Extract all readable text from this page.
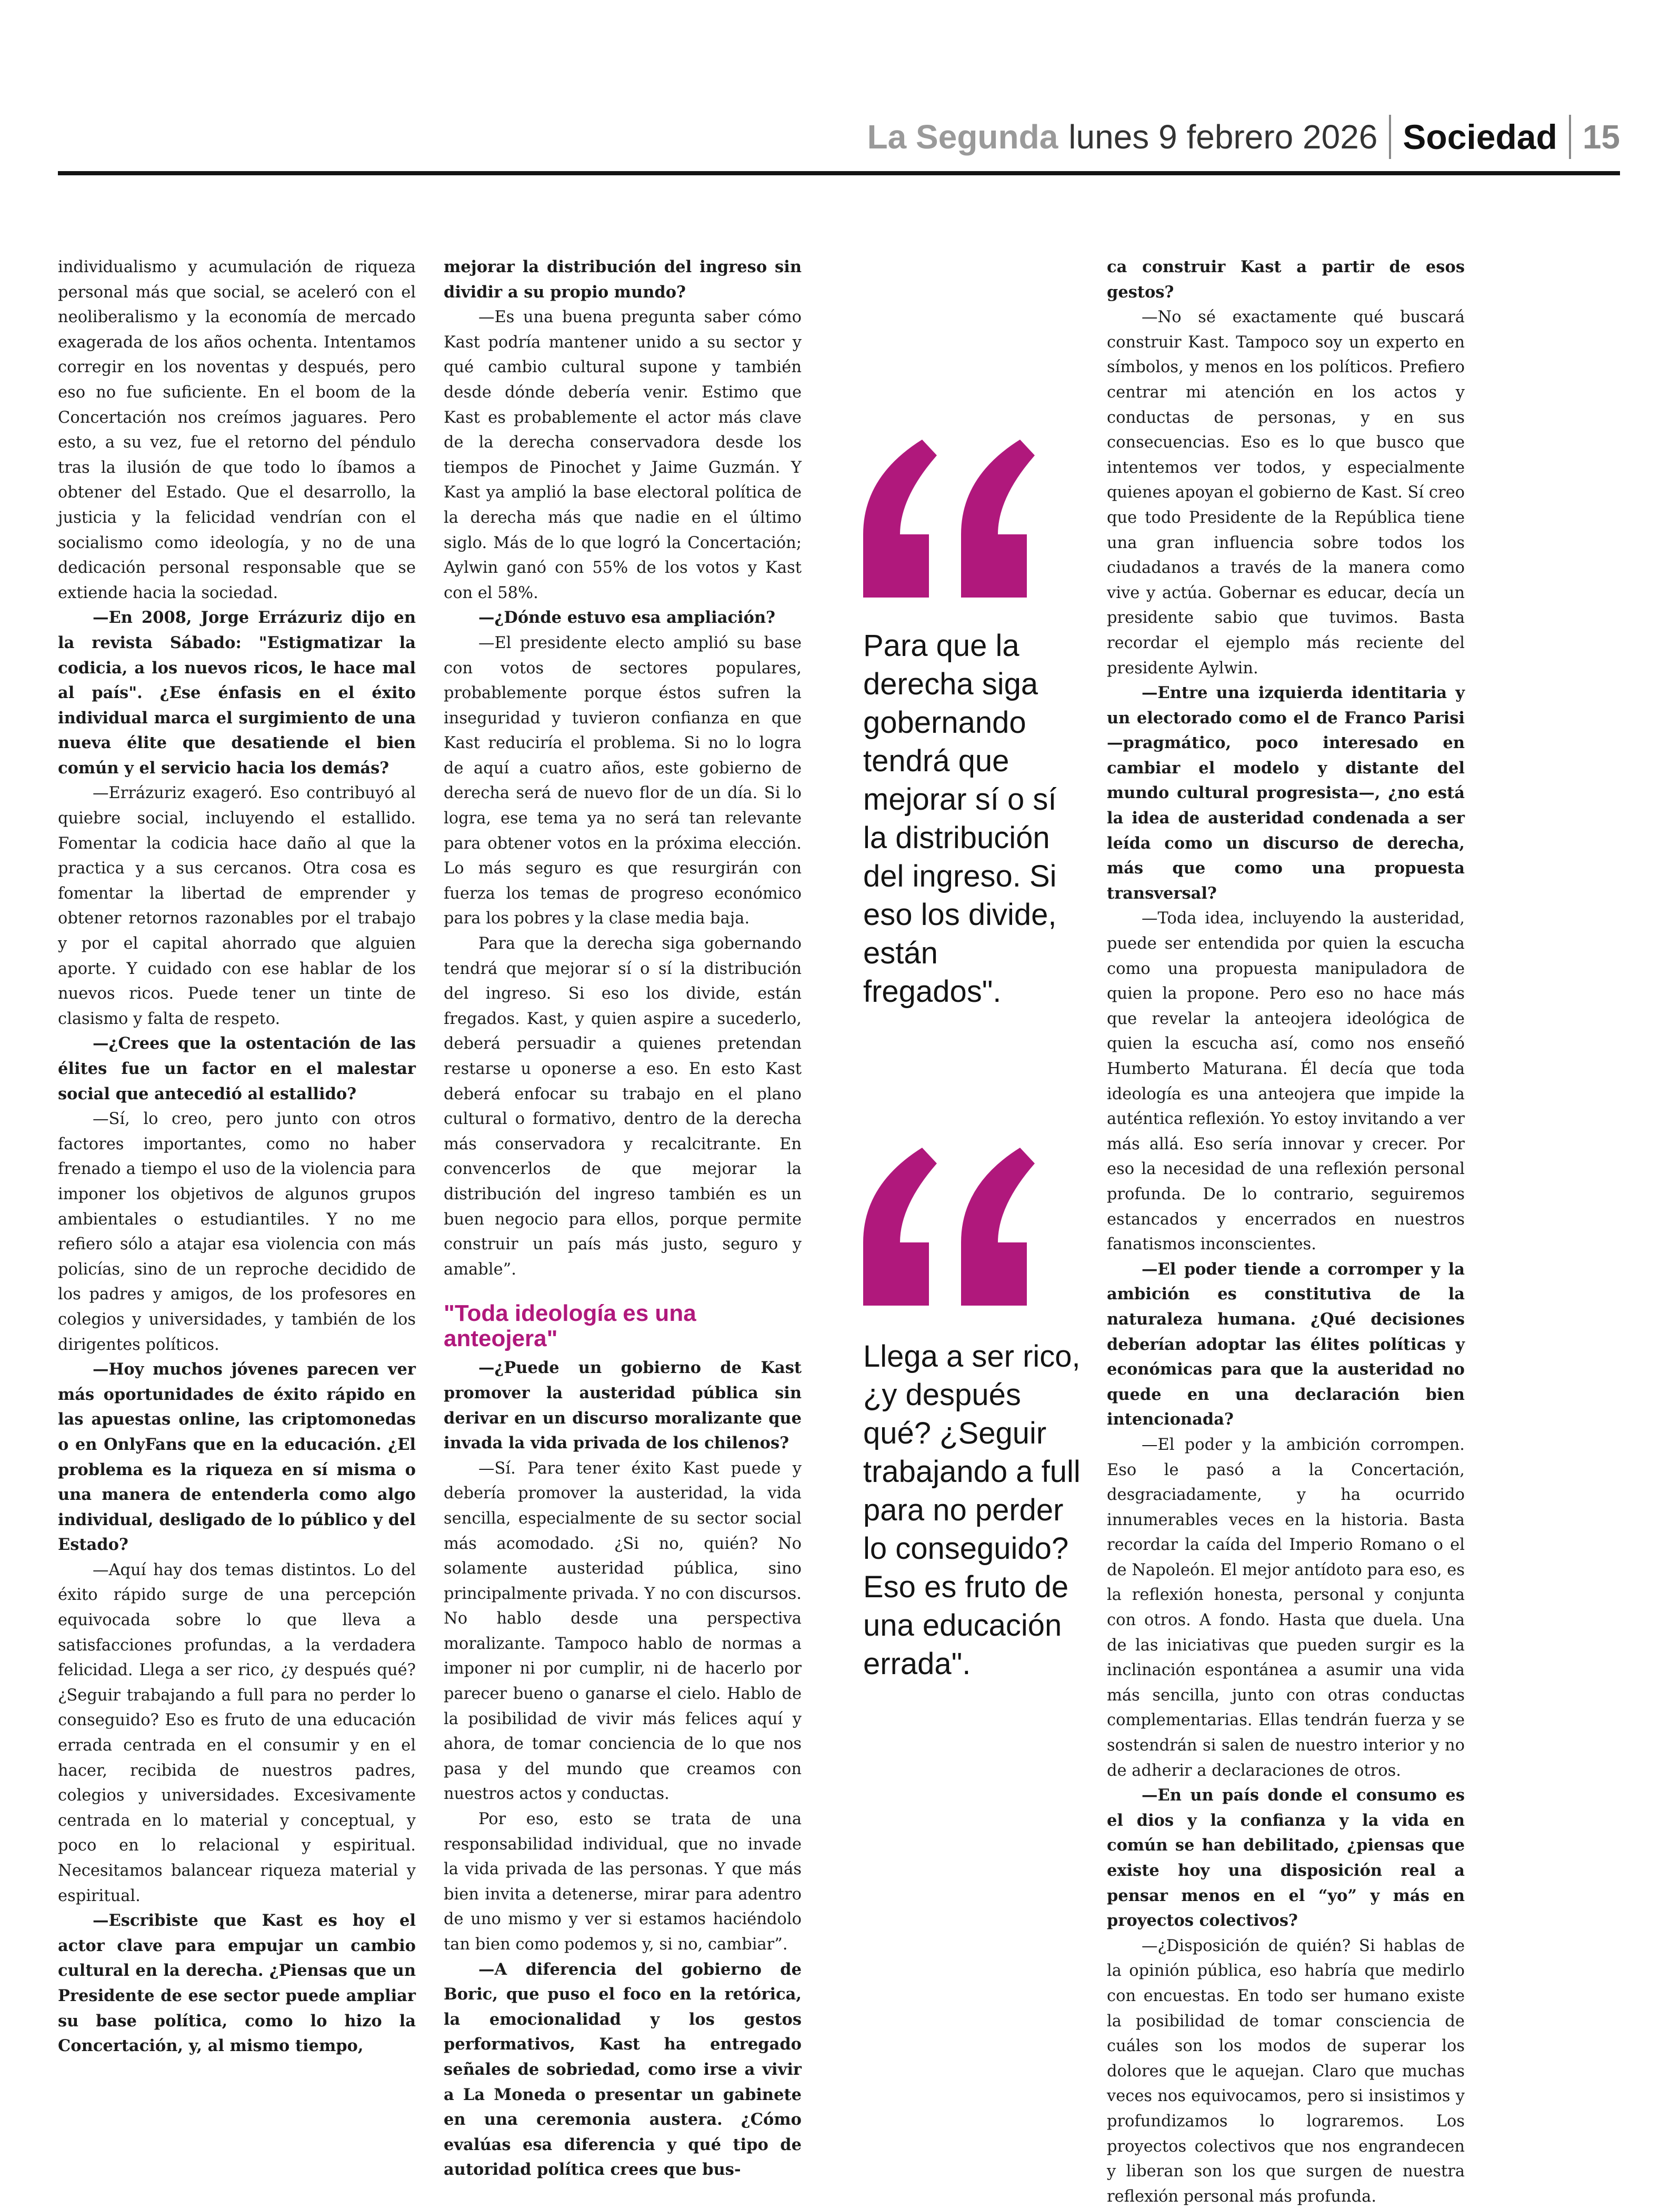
La Segunda lunes 9 febrero 2026 Sociedad 15

individualismo y acumulación de riqueza personal más que social, se aceleró con el neoliberalismo y la economía de mercado exagerada de los años ochenta. Intentamos corregir en los noventas y después, pero eso no fue suficiente. En el boom de la Concertación nos creímos jaguares. Pero esto, a su vez, fue el retorno del péndulo tras la ilusión de que todo lo íbamos a obtener del Estado. Que el desarrollo, la justicia y la felicidad vendrían con el socialismo como ideología, y no de una dedicación personal responsable que se extiende hacia la sociedad.

—En 2008, Jorge Errázuriz dijo en la revista Sábado: "Estigmatizar la codicia, a los nuevos ricos, le hace mal al país". ¿Ese énfasis en el éxito individual marca el surgimiento de una nueva élite que desatiende el bien común y el servicio hacia los demás?

—Errázuriz exageró. Eso contribuyó al quiebre social, incluyendo el estallido. Fomentar la codicia hace daño al que la practica y a sus cercanos. Otra cosa es fomentar la libertad de emprender y obtener retornos razonables por el trabajo y por el capital ahorrado que alguien aporte. Y cuidado con ese hablar de los nuevos ricos. Puede tener un tinte de clasismo y falta de respeto.

—¿Crees que la ostentación de las élites fue un factor en el malestar social que antecedió al estallido?

—Sí, lo creo, pero junto con otros factores importantes, como no haber frenado a tiempo el uso de la violencia para imponer los objetivos de algunos grupos ambientales o estudiantiles. Y no me refiero sólo a atajar esa violencia con más policías, sino de un reproche decidido de los padres y amigos, de los profesores en colegios y universidades, y también de los dirigentes políticos.

—Hoy muchos jóvenes parecen ver más oportunidades de éxito rápido en las apuestas online, las criptomonedas o en OnlyFans que en la educación. ¿El problema es la riqueza en sí misma o una manera de entenderla como algo individual, desligado de lo público y del Estado?

—Aquí hay dos temas distintos. Lo del éxito rápido surge de una percepción equivocada sobre lo que lleva a satisfacciones profundas, a la verdadera felicidad. Llega a ser rico, ¿y después qué? ¿Seguir trabajando a full para no perder lo conseguido? Eso es fruto de una educación errada centrada en el consumir y en el hacer, recibida de nuestros padres, colegios y universidades. Excesivamente centrada en lo material y conceptual, y poco en lo relacional y espiritual. Necesitamos balancear riqueza material y espiritual.

—Escribiste que Kast es hoy el actor clave para empujar un cambio cultural en la derecha. ¿Piensas que un Presidente de ese sector puede ampliar su base política, como lo hizo la Concertación, y, al mismo tiempo,

mejorar la distribución del ingreso sin dividir a su propio mundo?

—Es una buena pregunta saber cómo Kast podría mantener unido a su sector y qué cambio cultural supone y también desde dónde debería venir. Estimo que Kast es probablemente el actor más clave de la derecha conservadora desde los tiempos de Pinochet y Jaime Guzmán. Y Kast ya amplió la base electoral política de la derecha más que nadie en el último siglo. Más de lo que logró la Concertación; Aylwin ganó con 55% de los votos y Kast con el 58%.

—¿Dónde estuvo esa ampliación?

—El presidente electo amplió su base con votos de sectores populares, probablemente porque éstos sufren la inseguridad y tuvieron confianza en que Kast reduciría el problema. Si no lo logra de aquí a cuatro años, este gobierno de derecha será de nuevo flor de un día. Si lo logra, ese tema ya no será tan relevante para obtener votos en la próxima elección. Lo más seguro es que resurgirán con fuerza los temas de progreso económico para los pobres y la clase media baja.

Para que la derecha siga gobernando tendrá que mejorar sí o sí la distribución del ingreso. Si eso los divide, están fregados. Kast, y quien aspire a sucederlo, deberá persuadir a quienes pretendan restarse u oponerse a eso. En esto Kast deberá enfocar su trabajo en el plano cultural o formativo, dentro de la derecha más conservadora y recalcitrante. En convencerlos de que mejorar la distribución del ingreso también es un buen negocio para ellos, porque permite construir un país más justo, seguro y amable”.

"Toda ideología es una anteojera"

—¿Puede un gobierno de Kast promover la austeridad pública sin derivar en un discurso moralizante que invada la vida privada de los chilenos?

—Sí. Para tener éxito Kast puede y debería promover la austeridad, la vida sencilla, especialmente de su sector social más acomodado. ¿Si no, quién? No solamente austeridad pública, sino principalmente privada. Y no con discursos. No hablo desde una perspectiva moralizante. Tampoco hablo de normas a imponer ni por cumplir, ni de hacerlo por parecer bueno o ganarse el cielo. Hablo de la posibilidad de vivir más felices aquí y ahora, de tomar conciencia de lo que nos pasa y del mundo que creamos con nuestros actos y conductas.

Por eso, esto se trata de una responsabilidad individual, que no invade la vida privada de las personas. Y que más bien invita a detenerse, mirar para adentro de uno mismo y ver si estamos haciéndolo tan bien como podemos y, si no, cambiar”.

—A diferencia del gobierno de Boric, que puso el foco en la retórica, la emocionalidad y los gestos performativos, Kast ha entregado señales de sobriedad, como irse a vivir a La Moneda o presentar un gabinete en una ceremonia austera. ¿Cómo evalúas esa diferencia y qué tipo de autoridad política crees que bus-

Para que la derecha siga gobernando tendrá que mejorar sí o sí la distribución del ingreso. Si eso los divide, están fregados".
Llega a ser rico, ¿y después qué? ¿Seguir trabajando a full para no perder lo conseguido? Eso es fruto de una educación errada".

ca construir Kast a partir de esos gestos?

—No sé exactamente qué buscará construir Kast. Tampoco soy un experto en símbolos, y menos en los políticos. Prefiero centrar mi atención en los actos y conductas de personas, y en sus consecuencias. Eso es lo que busco que intentemos ver todos, y especialmente quienes apoyan el gobierno de Kast. Sí creo que todo Presidente de la República tiene una gran influencia sobre todos los ciudadanos a través de la manera como vive y actúa. Gobernar es educar, decía un presidente sabio que tuvimos. Basta recordar el ejemplo más reciente del presidente Aylwin.

—Entre una izquierda identitaria y un electorado como el de Franco Parisi —pragmático, poco interesado en cambiar el modelo y distante del mundo cultural progresista—, ¿no está la idea de austeridad condenada a ser leída como un discurso de derecha, más que como una propuesta transversal?

—Toda idea, incluyendo la austeridad, puede ser entendida por quien la escucha como una propuesta manipuladora de quien la propone. Pero eso no hace más que revelar la anteojera ideológica de quien la escucha así, como nos enseñó Humberto Maturana. Él decía que toda ideología es una anteojera que impide la auténtica reflexión. Yo estoy invitando a ver más allá. Eso sería innovar y crecer. Por eso la necesidad de una reflexión personal profunda. De lo contrario, seguiremos estancados y encerrados en nuestros fanatismos inconscientes.

—El poder tiende a corromper y la ambición es constitutiva de la naturaleza humana. ¿Qué decisiones deberían adoptar las élites políticas y económicas para que la austeridad no quede en una declaración bien intencionada?

—El poder y la ambición corrompen. Eso le pasó a la Concertación, desgraciadamente, y ha ocurrido innumerables veces en la historia. Basta recordar la caída del Imperio Romano o el de Napoleón. El mejor antídoto para eso, es la reflexión honesta, personal y conjunta con otros. A fondo. Hasta que duela. Una de las iniciativas que pueden surgir es la inclinación espontánea a asumir una vida más sencilla, junto con otras conductas complementarias. Ellas tendrán fuerza y se sostendrán si salen de nuestro interior y no de adherir a declaraciones de otros.

—En un país donde el consumo es el dios y la confianza y la vida en común se han debilitado, ¿piensas que existe hoy una disposición real a pensar menos en el “yo” y más en proyectos colectivos?

—¿Disposición de quién? Si hablas de la opinión pública, eso habría que medirlo con encuestas. En todo ser humano existe la posibilidad de tomar consciencia de cuáles son los modos de superar los dolores que le aquejan. Claro que muchas veces nos equivocamos, pero si insistimos y profundizamos lo lograremos. Los proyectos colectivos que nos engrandecen y liberan son los que surgen de nuestra reflexión personal más profunda.
